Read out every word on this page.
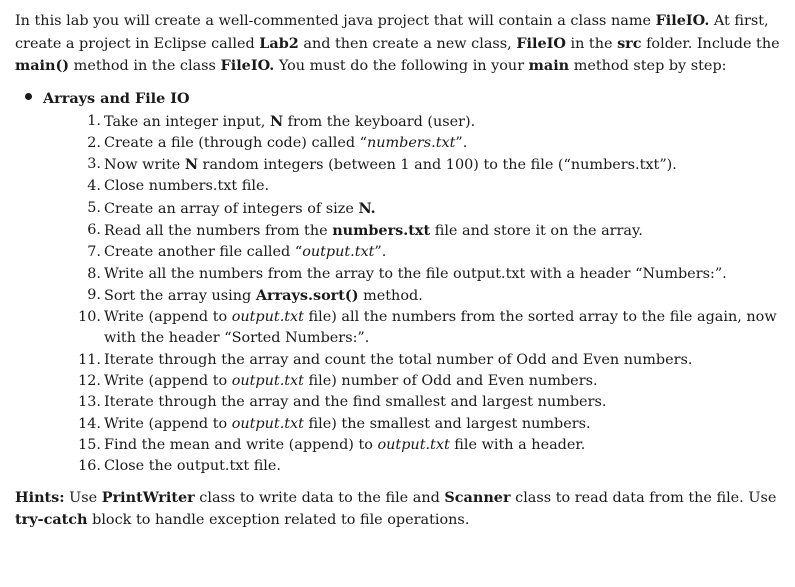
In this lab you will create a well-commented java project that will contain a class name FileIO. At first, create a project in Eclipse called Lab2 and then create a new class, FileIO in the src folder. Include the main() method in the class FileIO. You must do the following in your main method step by step:

Arrays and File IO
1. Take an integer input, N from the keyboard (user).
2. Create a file (through code) called “numbers.txt”.
3. Now write N random integers (between 1 and 100) to the file (“numbers.txt”).
4. Close numbers.txt file.
5. Create an array of integers of size N.
6. Read all the numbers from the numbers.txt file and store it on the array.
7. Create another file called “output.txt”.
8. Write all the numbers from the array to the file output.txt with a header “Numbers:”.
9. Sort the array using Arrays.sort() method.
10. Write (append to output.txt file) all the numbers from the sorted array to the file again, now with the header “Sorted Numbers:”.
11. Iterate through the array and count the total number of Odd and Even numbers.
12. Write (append to output.txt file) number of Odd and Even numbers.
13. Iterate through the array and the find smallest and largest numbers.
14. Write (append to output.txt file) the smallest and largest numbers.
15. Find the mean and write (append) to output.txt file with a header.
16. Close the output.txt file.

Hints: Use PrintWriter class to write data to the file and Scanner class to read data from the file. Use try-catch block to handle exception related to file operations.
